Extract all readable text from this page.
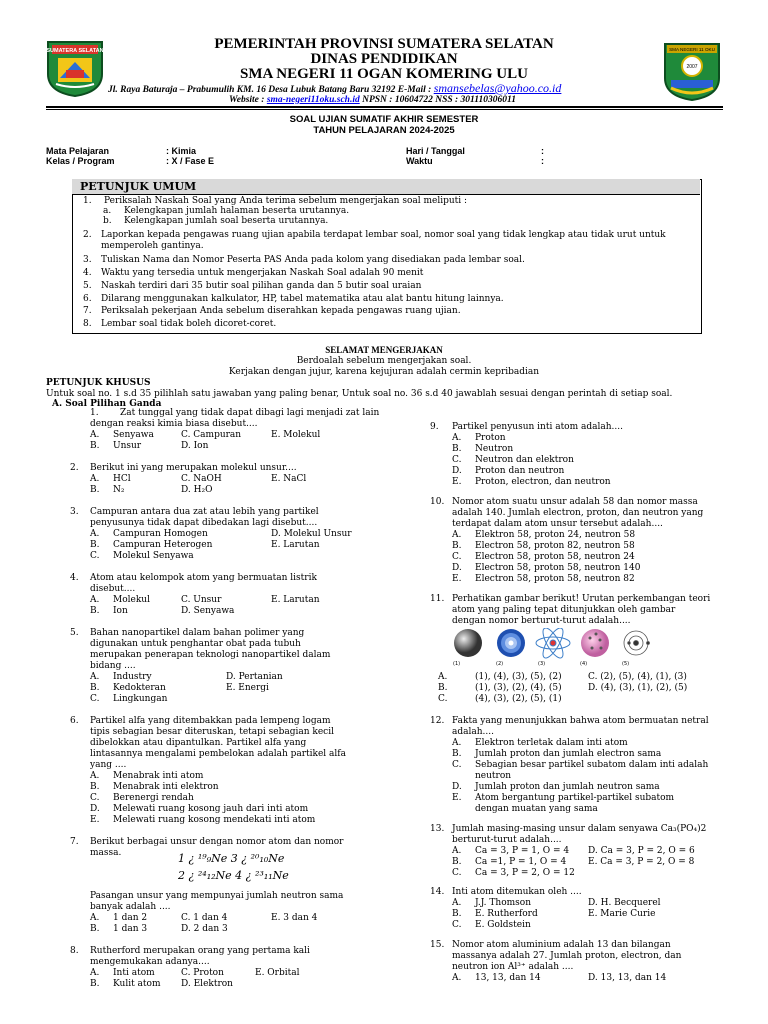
SUMATERA SELATAN	PEMERINTAH PROVINSI SUMATERA SELATAN
DINAS PENDIDIKAN
SMA NEGERI 11 OGAN KOMERING ULU
Jl. Raya Baturaja – Prabumulih KM. 16 Desa Lubuk Batang Baru 32192 E-Mail : smansebelas@yahoo.co.id
Website : sma-negeri11oku.sch.id NPSN : 10604722 NSS : 301110306011
SMA NEGERI 11 OKU
2007
SOAL UJIAN SUMATIF AKHIR SEMESTER
TAHUN PELAJARAN 2024-2025
Mata Pelajaran	: Kimia
Kelas / Program	: X / Fase E
Hari / Tanggal	:
Waktu	:
PETUNJUK UMUM
1. Periksalah Naskah Soal yang Anda terima sebelum mengerjakan soal meliputi :
a. Kelengkapan jumlah halaman beserta urutannya.
b. Kelengkapan jumlah soal beserta urutannya.
2. Laporkan kepada pengawas ruang ujian apabila terdapat lembar soal, nomor soal yang tidak lengkap atau tidak urut untuk
memperoleh gantinya.
3. Tuliskan Nama dan Nomor Peserta PAS Anda pada kolom yang disediakan pada lembar soal.
4. Waktu yang tersedia untuk mengerjakan Naskah Soal adalah 90 menit
5. Naskah terdiri dari 35 butir soal pilihan ganda dan 5 butir soal uraian
6. Dilarang menggunakan kalkulator, HP, tabel matematika atau alat bantu hitung lainnya.
7. Periksalah pekerjaan Anda sebelum diserahkan kepada pengawas ruang ujian.
8. Lembar soal tidak boleh dicoret-coret.
SELAMAT MENGERJAKAN
Berdoalah sebelum mengerjakan soal.
Kerjakan dengan jujur, karena kejujuran adalah cermin kepribadian
PETUNJUK KHUSUS
Untuk soal no. 1 s.d 35 pilihlah satu jawaban yang paling benar, Untuk soal no. 36 s.d 40 jawablah sesuai dengan perintah di setiap soal.
A. Soal Pilihan Ganda
1. Zat tunggal yang tidak dapat dibagi lagi menjadi zat lain
dengan reaksi kimia biasa disebut....
A. Senyawa	C. Campuran	E. Molekul
B. Unsur	D. Ion
2. Berikut ini yang merupakan molekul unsur....
A. HCl	C. NaOH	E. NaCl
B. N₂	D. H₂O
3. Campuran antara dua zat atau lebih yang partikel
penyusunya tidak dapat dibedakan lagi disebut....
A. Campuran Homogen	D. Molekul Unsur
B. Campuran Heterogen	E. Larutan
C. Molekul Senyawa
4. Atom atau kelompok atom yang bermuatan listrik
disebut....
A. Molekul	C. Unsur	E. Larutan
B. Ion	D. Senyawa
5. Bahan nanopartikel dalam bahan polimer yang
digunakan untuk penghantar obat pada tubuh
merupakan penerapan teknologi nanopartikel dalam
bidang ....
A. Industry	D. Pertanian
B. Kedokteran	E. Energi
C. Lingkungan
6. Partikel alfa yang ditembakkan pada lempeng logam
tipis sebagian besar diteruskan, tetapi sebagian kecil
dibelokkan atau dipantulkan. Partikel alfa yang
lintasannya mengalami pembelokan adalah partikel alfa
yang ....
A. Menabrak inti atom
B. Menabrak inti elektron
C. Berenergi rendah
D. Melewati ruang kosong jauh dari inti atom
E. Melewati ruang kosong mendekati inti atom
7. Berikut berbagai unsur dengan nomor atom dan nomor
massa.
Pasangan unsur yang mempunyai jumlah neutron sama
banyak adalah ....
A. 1 dan 2	C. 1 dan 4	E. 3 dan 4
B. 1 dan 3	D. 2 dan 3
8. Rutherford merupakan orang yang pertama kali
mengemukakan adanya....
A. Inti atom	C. Proton	E. Orbital
B. Kulit atom D. Elektron
9. Partikel penyusun inti atom adalah....
A. Proton
B. Neutron
C. Neutron dan elektron
D. Proton dan neutron
E. Proton, electron, dan neutron
10. Nomor atom suatu unsur adalah 58 dan nomor massa
adalah 140. Jumlah electron, proton, dan neutron yang
terdapat dalam atom unsur tersebut adalah....
A. Elektron 58, proton 24, neutron 58
B. Electron 58, proton 82, neutron 58
C. Electron 58, proton 58, neutron 24
D. Electron 58, proton 58, neutron 140
E. Electron 58, proton 58, neutron 82
11. Perhatikan gambar berikut! Urutan perkembangan teori
atom yang paling tepat ditunjukkan oleh gambar
dengan nomor berturut-turut adalah....
A.	(1), (4), (3), (5), (2)	C. (2), (5), (4), (1), (3)
B.	(1), (3), (2), (4), (5)	D. (4), (3), (1), (2), (5)
C.	(4), (3), (2), (5), (1)
12. Fakta yang menunjukkan bahwa atom bermuatan netral
adalah....
A. Elektron terletak dalam inti atom
B. Jumlah proton dan jumlah electron sama
C. Sebagian besar partikel subatom dalam inti adalah
neutron
D. Jumlah proton dan jumlah neutron sama
E. Atom bergantung partikel-partikel subatom
dengan muatan yang sama
13. Jumlah masing-masing unsur dalam senyawa Ca₃(PO₄)2
berturut-turut adalah....
A. Ca = 3, P = 1, O = 4 D. Ca = 3, P = 2, O = 6
B. Ca =1, P = 1, O = 4 E. Ca = 3, P = 2, O = 8
C. Ca = 3, P = 2, O = 12
14. Inti atom ditemukan oleh ....
A. J.J. Thomson	D. H. Becquerel
B. E. Rutherford	E. Marie Curie
C. E. Goldstein
15. Nomor atom aluminium adalah 13 dan bilangan
massanya adalah 27. Jumlah proton, electron, dan
neutron ion Al³⁺ adalah ....
A. 13, 13, dan 14	D. 13, 13, dan 14
1 ¿ ¹⁹₉Ne 3 ¿ ²⁰₁₀Ne
2 ¿ ²⁴₁₂Ne 4 ¿ ²³₁₁Ne
(1)	(2)	(3)	(4)	(5)
